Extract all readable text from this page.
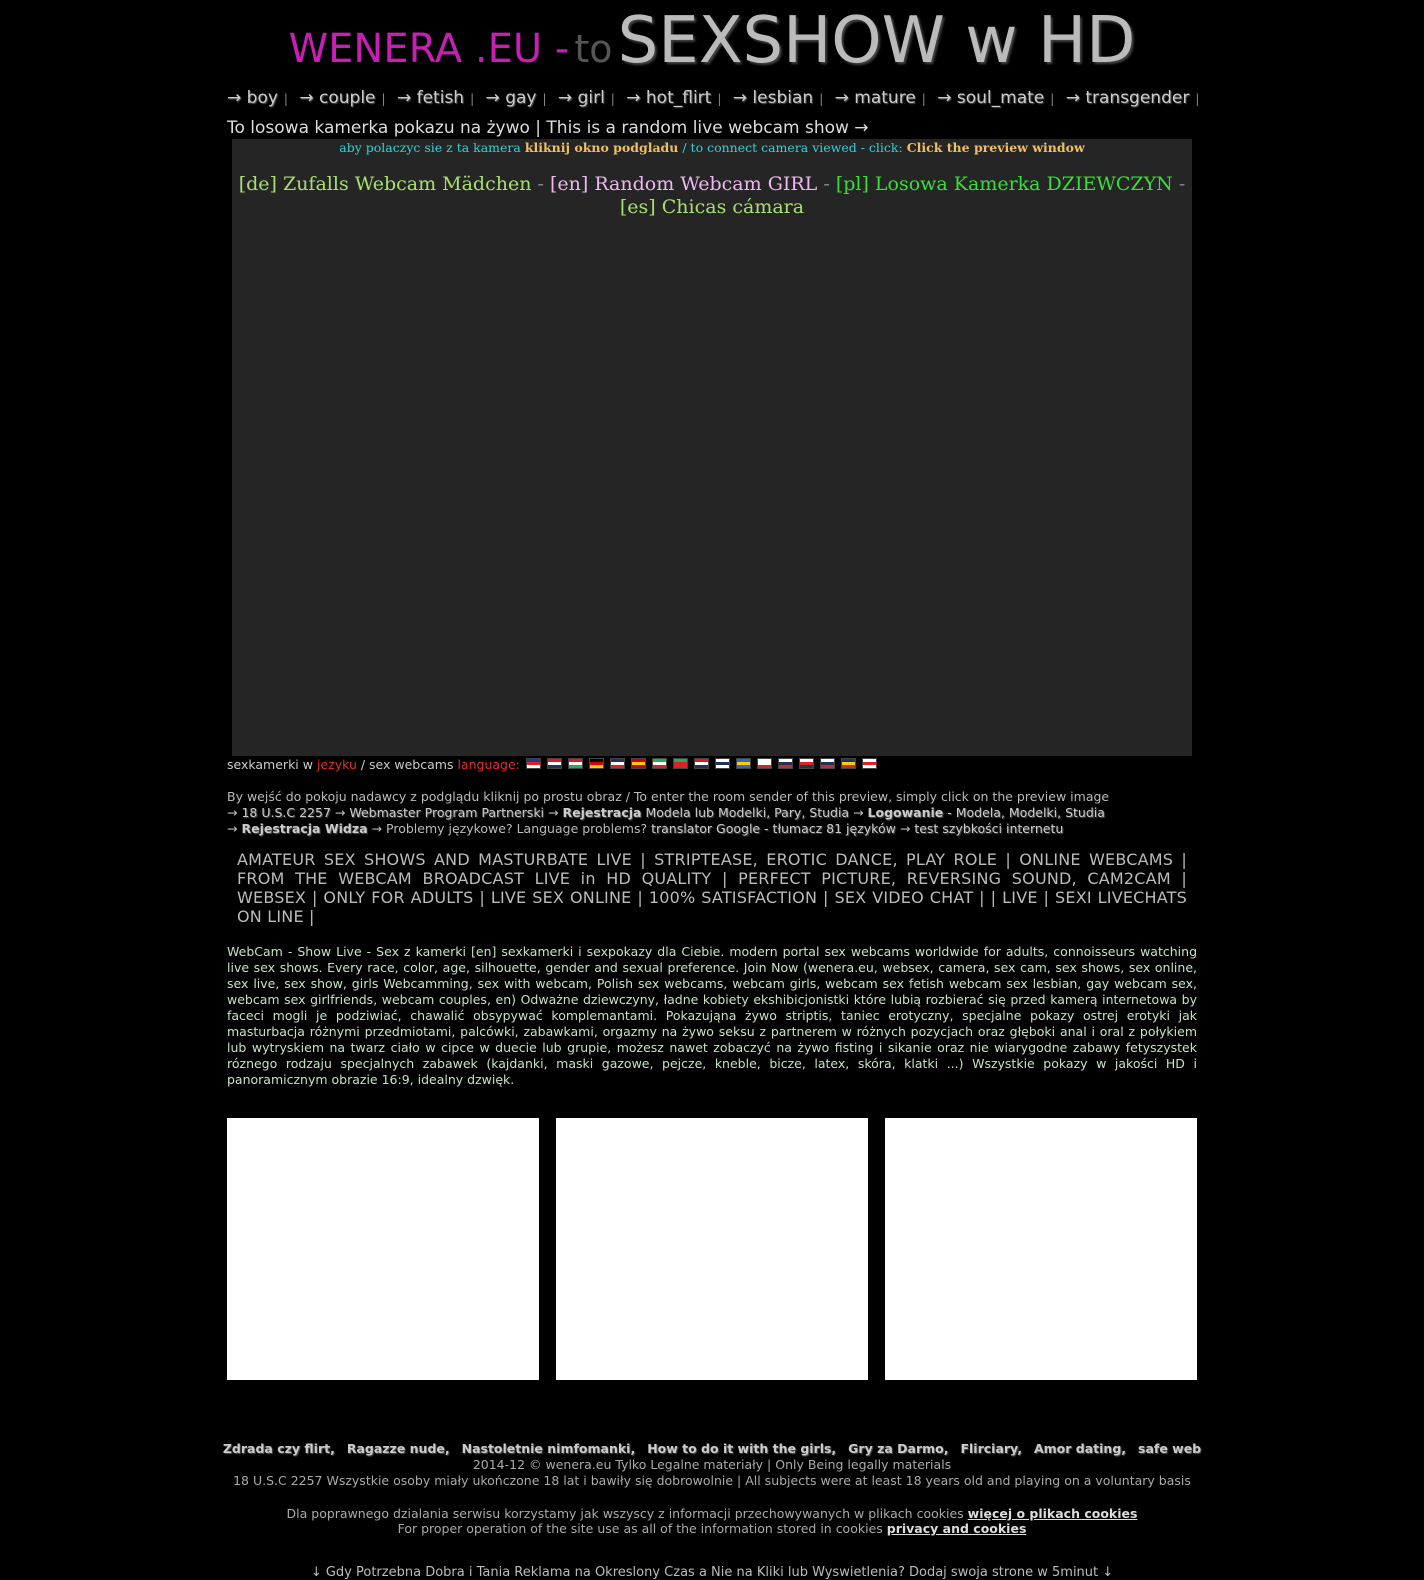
WENERA .EU - to SEXSHOW w HD
→ boy | → couple | → fetish | → gay | → girl | → hot_flirt | → lesbian | → mature | → soul_mate | → transgender |
To losowa kamerka pokazu na żywo | This is a random live webcam show →
aby polaczyc sie z ta kamera kliknij okno podgladu / to connect camera viewed - click: Click the preview window
[de] Zufalls Webcam Mädchen - [en] Random Webcam GIRL - [pl] Losowa Kamerka DZIEWCZYN - [es] Chicas cámara
sexkamerki w
jezyku
/ sex webcams
language:
By wejść do pokoju nadawcy z podglądu kliknij po prostu obraz / To enter the room sender of this preview, simply click on the preview image
→ 18 U.S.C 2257 → Webmaster Program Partnerski → Rejestracja Modela lub Modelki, Pary, Studia → Logowanie - Modela, Modelki, Studia
→ Rejestracja Widza → Problemy językowe? Language problems? translator Google - tłumacz 81 języków → test szybkości internetu
AMATEUR SEX SHOWS AND MASTURBATE LIVE | STRIPTEASE, EROTIC DANCE, PLAY ROLE | ONLINE WEBCAMS | FROM THE WEBCAM BROADCAST LIVE in HD QUALITY | PERFECT PICTURE, REVERSING SOUND, CAM2CAM | WEBSEX | ONLY FOR ADULTS | LIVE SEX ONLINE | 100% SATISFACTION | SEX VIDEO CHAT | | LIVE | SEXI LIVECHATS ON LINE |
WebCam - Show Live - Sex z kamerki [en] sexkamerki i sexpokazy dla Ciebie. modern portal sex webcams worldwide for adults, connoisseurs watching live sex shows. Every race, color, age, silhouette, gender and sexual preference. Join Now (wenera.eu, websex, camera, sex cam, sex shows, sex online, sex live, sex show, girls Webcamming, sex with webcam, Polish sex webcams, webcam girls, webcam sex fetish webcam sex lesbian, gay webcam sex, webcam sex girlfriends, webcam couples, en) Odważne dziewczyny, ładne kobiety ekshibicjonistki które lubią rozbierać się przed kamerą internetowa by faceci mogli je podziwiać, chawalić obsypywać komplemantami. Pokazująna żywo striptis, taniec erotyczny, specjalne pokazy ostrej erotyki jak masturbacja różnymi przedmiotami, palcówki, zabawkami, orgazmy na żywo seksu z partnerem w różnych pozycjach oraz głęboki anal i oral z połykiem lub wytryskiem na twarz ciało w cipce w duecie lub grupie, możesz nawet zobaczyć na żywo fisting i sikanie oraz nie wiarygodne zabawy fetyszystek róznego rodzaju specjalnych zabawek (kajdanki, maski gazowe, pejcze, kneble, bicze, latex, skóra, klatki ...) Wszystkie pokazy w jakości HD i panoramicznym obrazie 16:9, idealny dzwięk.
Zdrada czy flirt, Ragazze nude, Nastoletnie nimfomanki, How to do it with the girls, Gry za Darmo, Flirciary, Amor dating, safe web
2014-12 © wenera.eu Tylko Legalne materiały | Only Being legally materials
18 U.S.C 2257 Wszystkie osoby miały ukończone 18 lat i bawiły się dobrowolnie | All subjects were at least 18 years old and playing on a voluntary basis
Dla poprawnego dzialania serwisu korzystamy jak wszyscy z informacji przechowywanych w plikach cookies więcej o plikach cookies
For proper operation of the site use as all of the information stored in cookies privacy and cookies
↓ Gdy Potrzebna Dobra i Tania Reklama na Okreslony Czas a Nie na Kliki lub Wyswietlenia? Dodaj swoja strone w 5minut ↓
